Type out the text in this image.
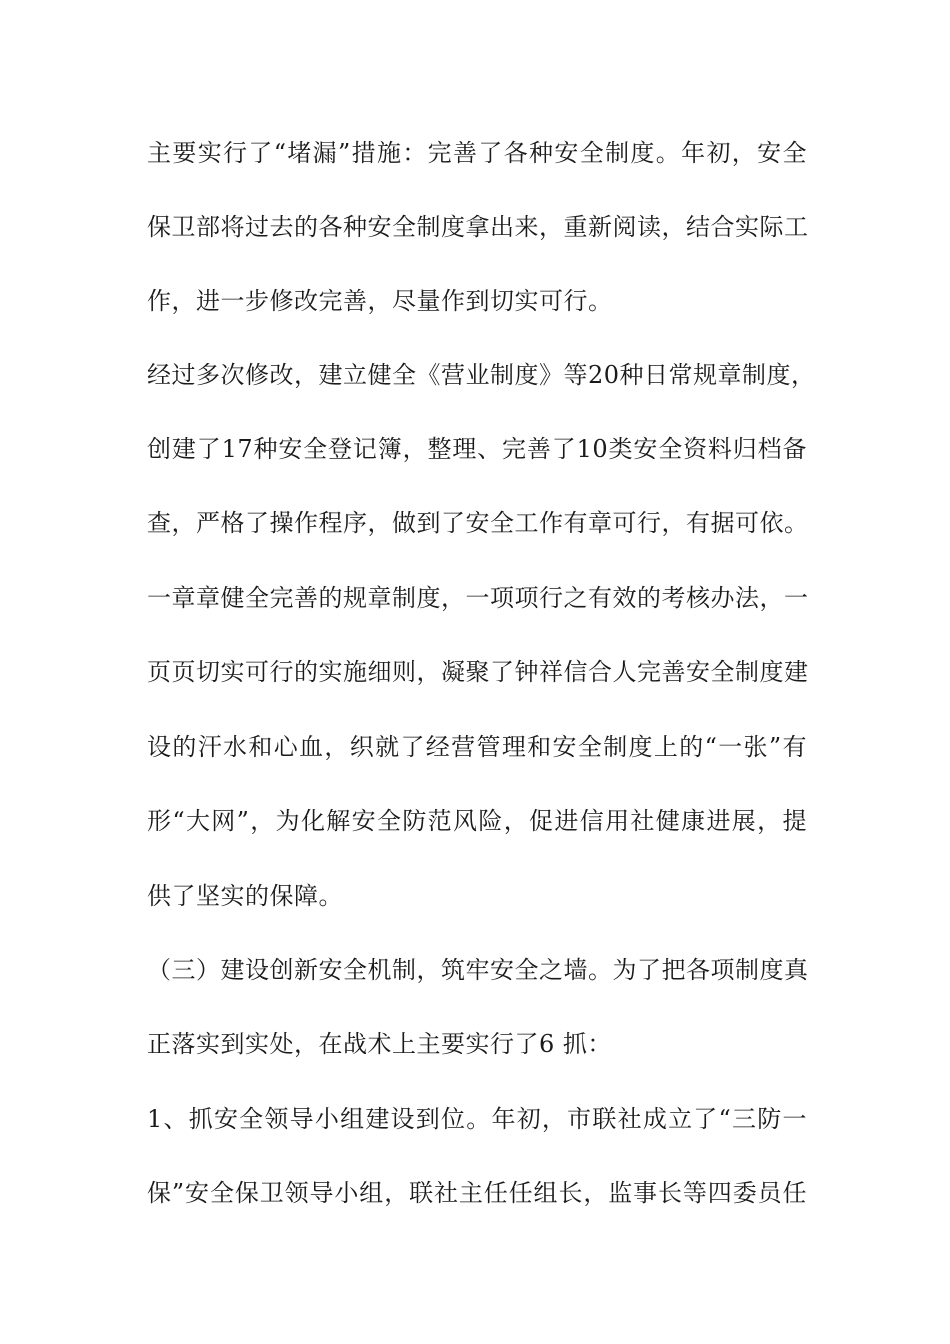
主要实行了“堵漏”措施：完善了各种安全制度。年初，安全
保卫部将过去的各种安全制度拿出来，重新阅读，结合实际工
作，进一步修改完善，尽量作到切实可行。
经过多次修改，建立健全《营业制度》等20种日常规章制度，
创建了17种安全登记簿，整理、完善了10类安全资料归档备
查，严格了操作程序，做到了安全工作有章可行，有据可依。
一章章健全完善的规章制度，一项项行之有效的考核办法，一
页页切实可行的实施细则，凝聚了钟祥信合人完善安全制度建
设的汗水和心血，织就了经营管理和安全制度上的“一张”有
形“大网”，为化解安全防范风险，促进信用社健康进展，提
供了坚实的保障。
（三）建设创新安全机制，筑牢安全之墙。为了把各项制度真
正落实到实处，在战术上主要实行了6 抓：
1、抓安全领导小组建设到位。年初，市联社成立了“三防一
保”安全保卫领导小组，联社主任任组长，监事长等四委员任
